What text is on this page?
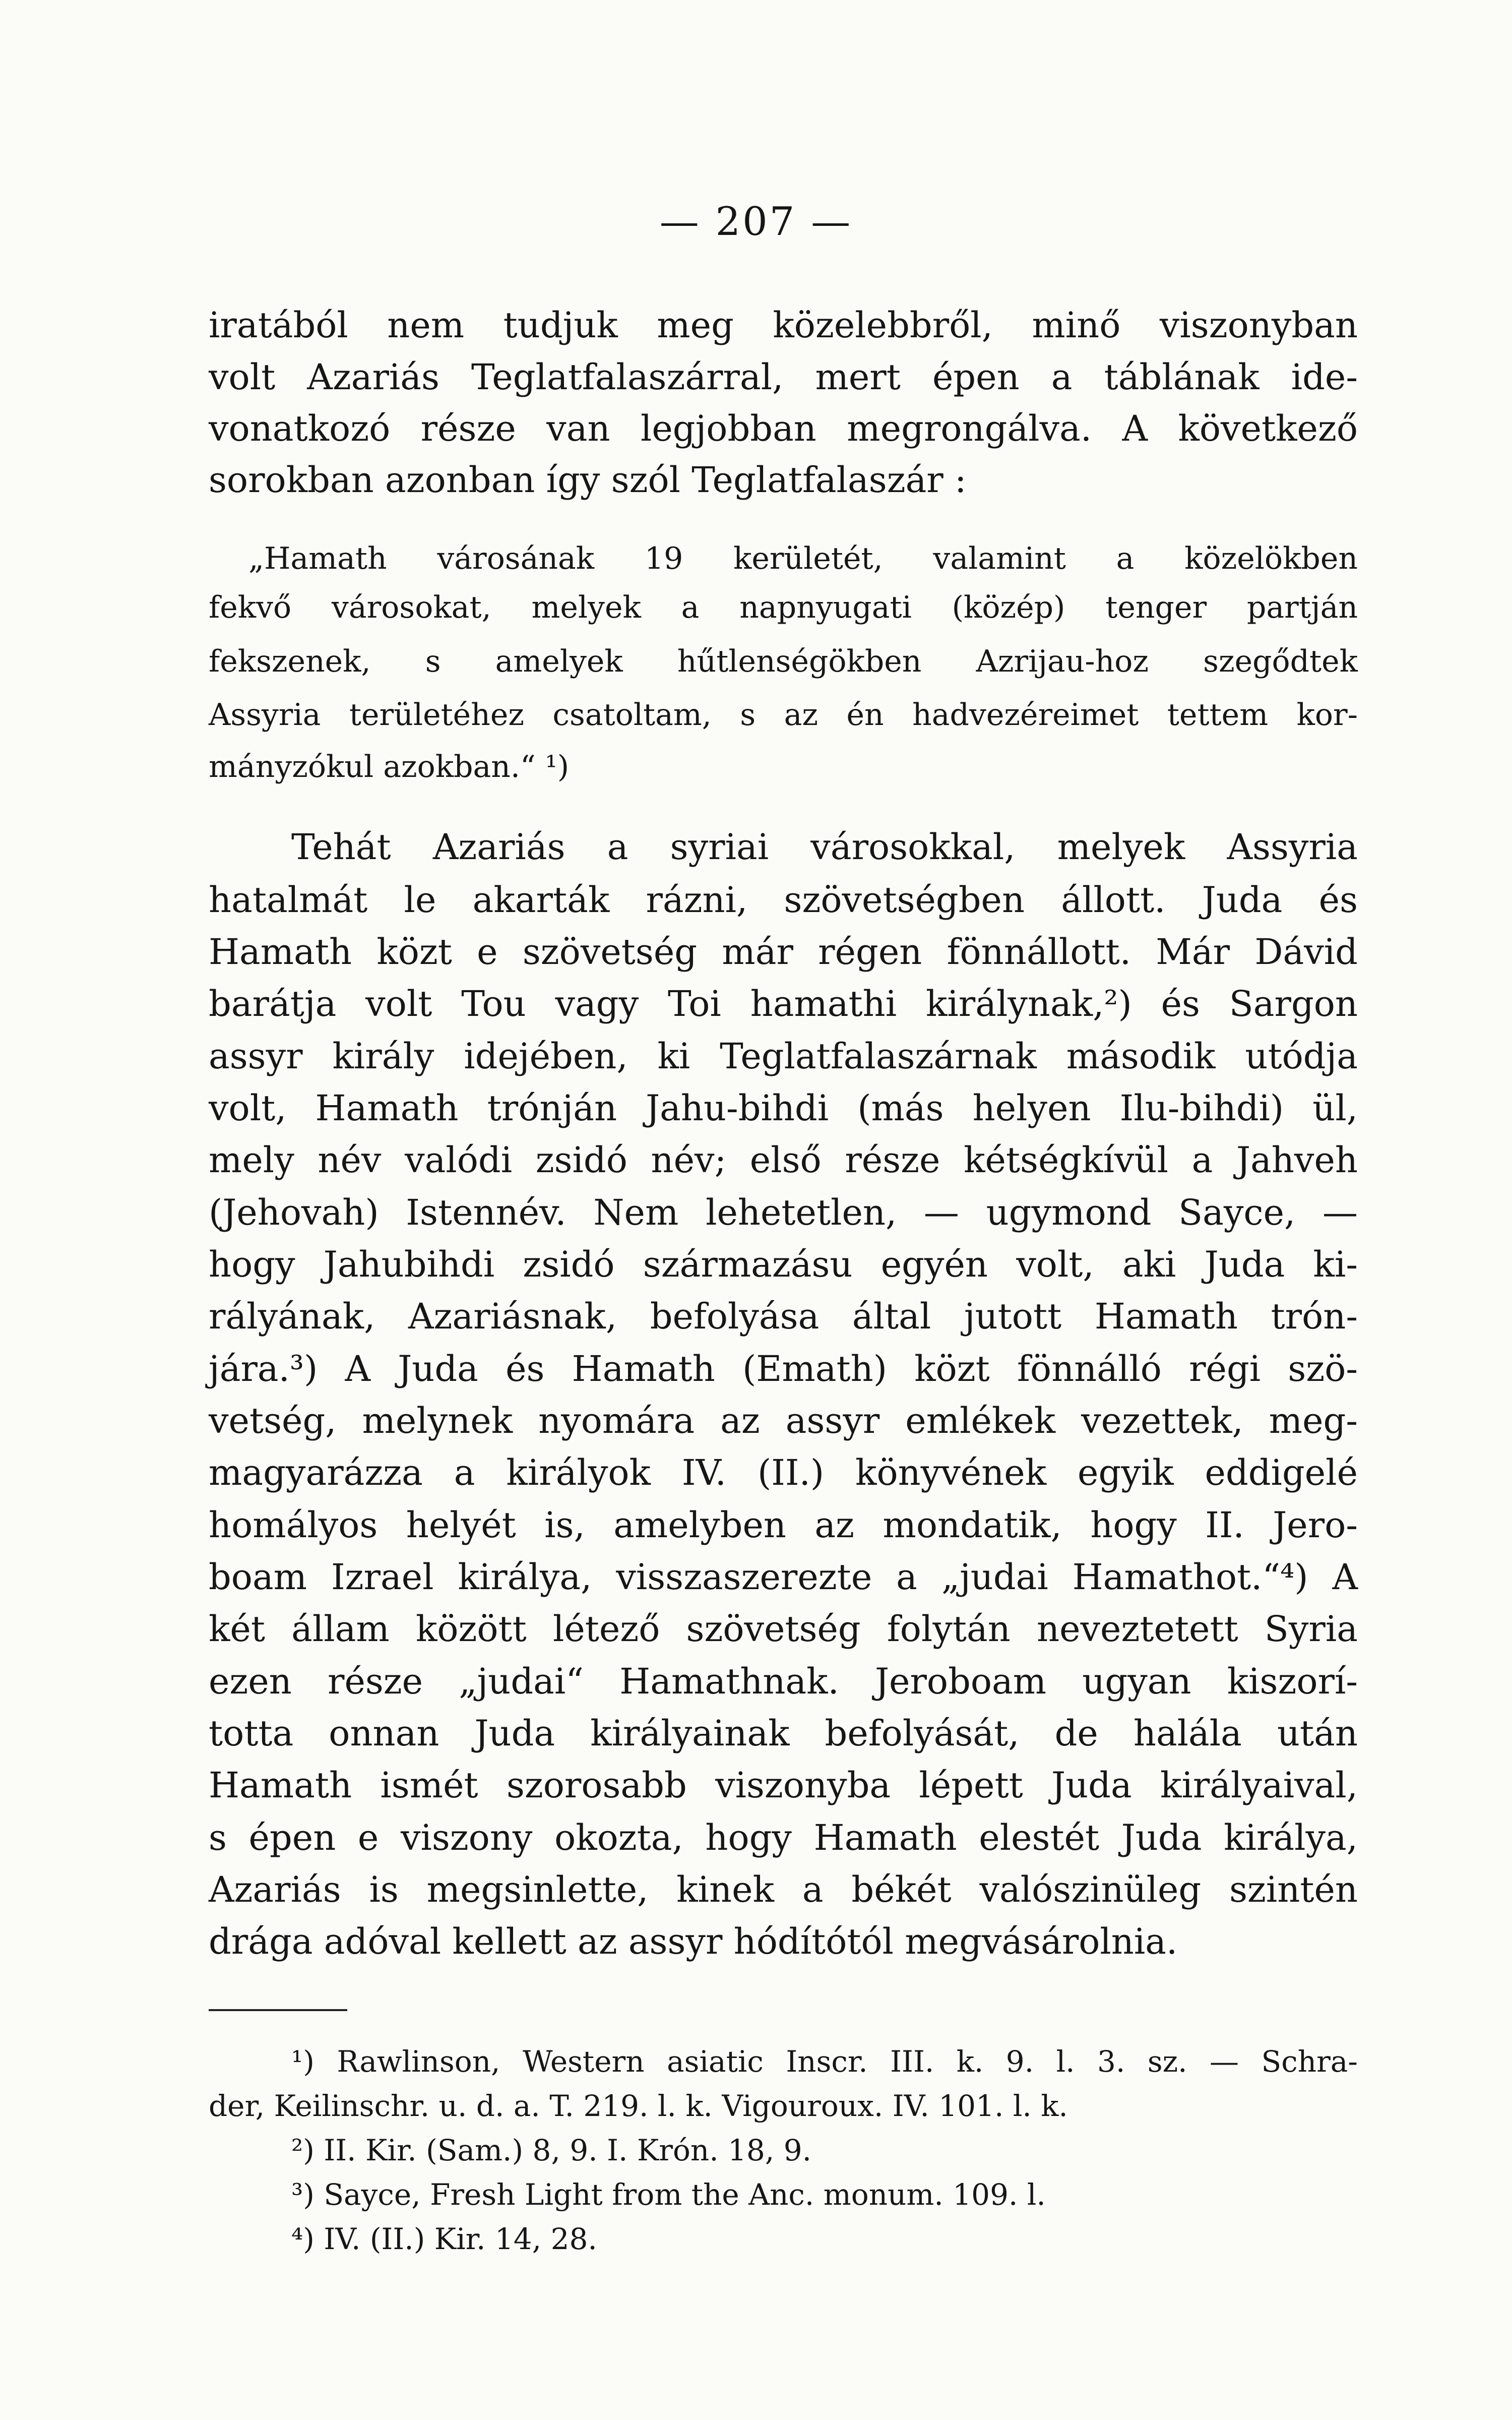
— 207 —
iratából nem tudjuk meg közelebbről, minő viszonyban
volt Azariás Teglatfalaszárral, mert épen a táblának ide-
vonatkozó része van legjobban megrongálva. A következő
sorokban azonban így szól Teglatfalaszár :
„Hamath városának 19 kerületét, valamint a közelökben
fekvő városokat, melyek a napnyugati (közép) tenger partján
fekszenek, s amelyek hűtlenségökben Azrijau-hoz szegődtek
Assyria területéhez csatoltam, s az én hadvezéreimet tettem kor-
mányzókul azokban.“ ¹)
Tehát Azariás a syriai városokkal, melyek Assyria
hatalmát le akarták rázni, szövetségben állott. Juda és
Hamath közt e szövetség már régen fönnállott. Már Dávid
barátja volt Tou vagy Toi hamathi királynak,²) és Sargon
assyr király idejében, ki Teglatfalaszárnak második utódja
volt, Hamath trónján Jahu-bihdi (más helyen Ilu-bihdi) ül,
mely név valódi zsidó név; első része kétségkívül a Jahveh
(Jehovah) Istennév. Nem lehetetlen, — ugymond Sayce, —
hogy Jahubihdi zsidó származásu egyén volt, aki Juda ki-
rályának, Azariásnak, befolyása által jutott Hamath trón-
jára.³) A Juda és Hamath (Emath) közt fönnálló régi szö-
vetség, melynek nyomára az assyr emlékek vezettek, meg-
magyarázza a királyok IV. (II.) könyvének egyik eddigelé
homályos helyét is, amelyben az mondatik, hogy II. Jero-
boam Izrael királya, visszaszerezte a „judai Hamathot.“⁴) A
két állam között létező szövetség folytán neveztetett Syria
ezen része „judai“ Hamathnak. Jeroboam ugyan kiszorí-
totta onnan Juda királyainak befolyását, de halála után
Hamath ismét szorosabb viszonyba lépett Juda királyaival,
s épen e viszony okozta, hogy Hamath elestét Juda királya,
Azariás is megsinlette, kinek a békét valószinüleg szintén
drága adóval kellett az assyr hódítótól megvásárolnia.
¹) Rawlinson, Western asiatic Inscr. III. k. 9. l. 3. sz. — Schra-
der, Keilinschr. u. d. a. T. 219. l. k. Vigouroux. IV. 101. l. k.
²) II. Kir. (Sam.) 8, 9. I. Krón. 18, 9.
³) Sayce, Fresh Light from the Anc. monum. 109. l.
⁴) IV. (II.) Kir. 14, 28.
